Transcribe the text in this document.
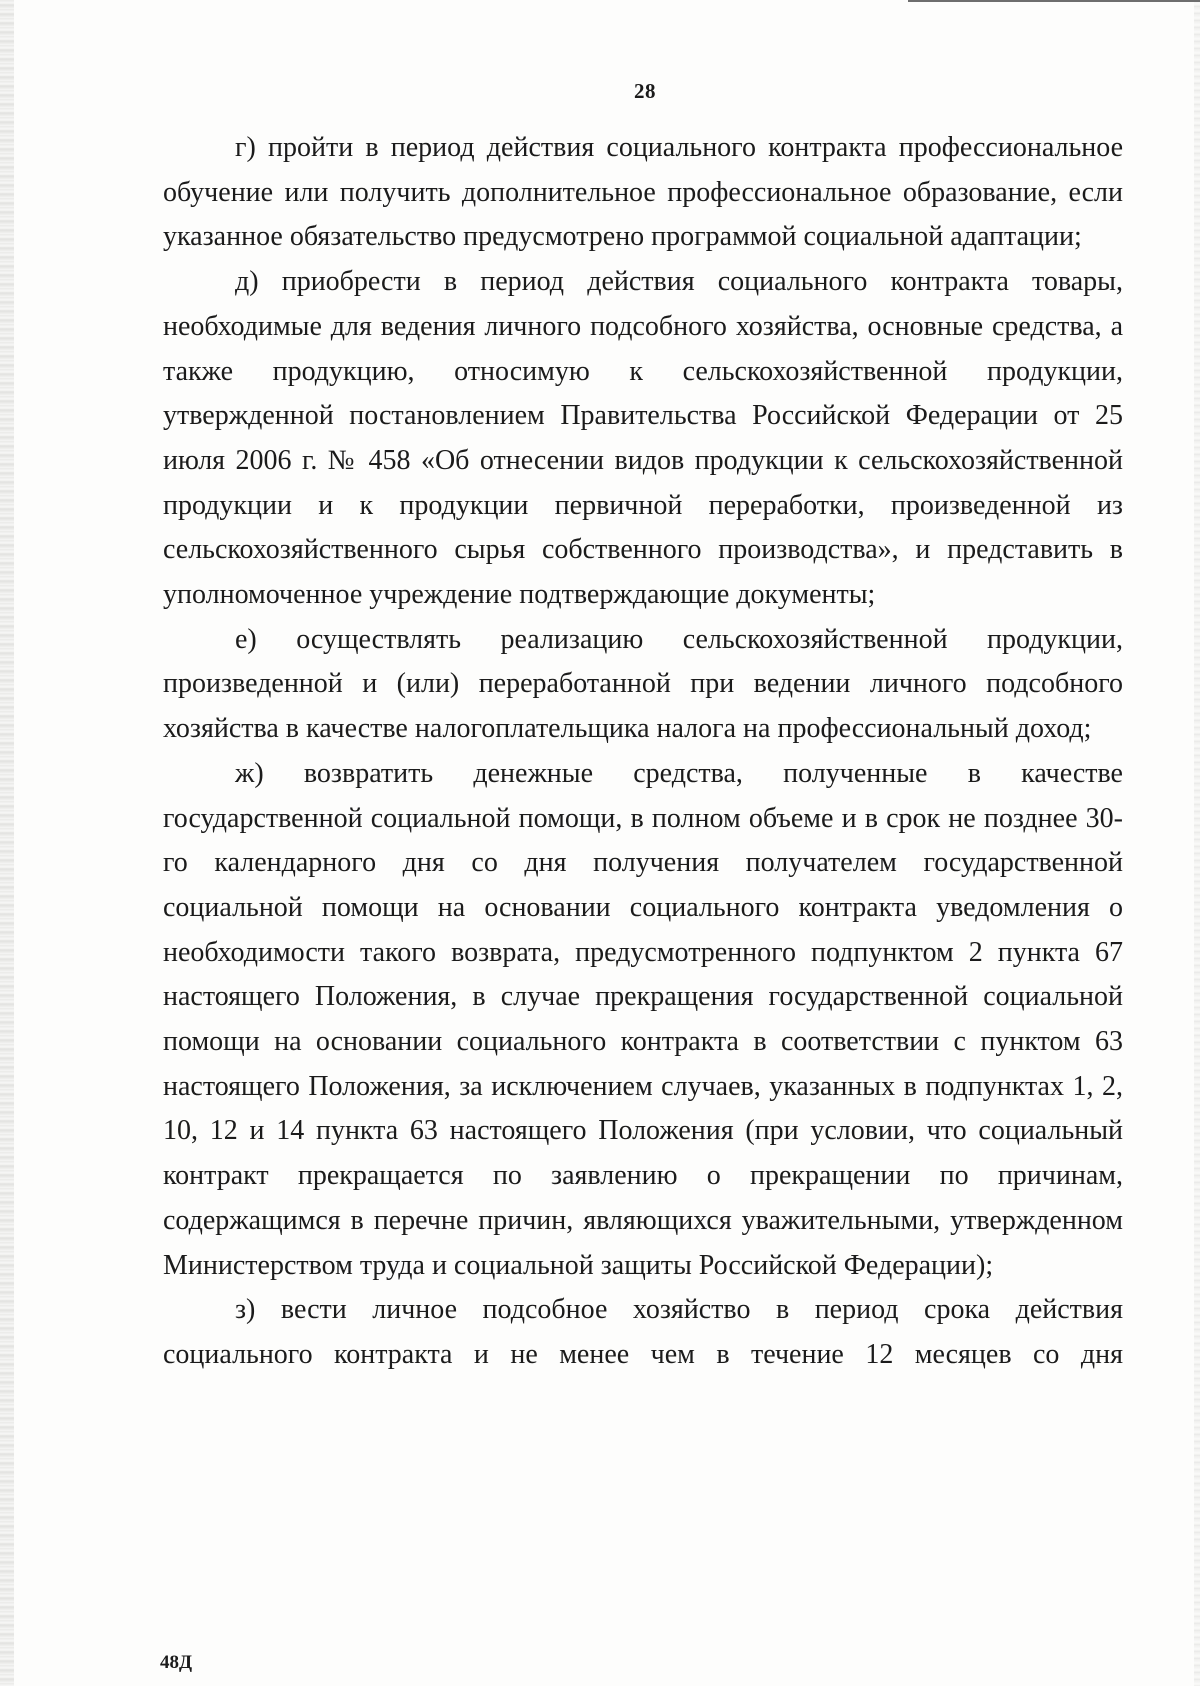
28

г) пройти в период действия социального контракта профессиональное обучение или получить дополнительное профессиональное образование, если указанное обязательство предусмотрено программой социальной адаптации;

д) приобрести в период действия социального контракта товары, необходимые для ведения личного подсобного хозяйства, основные средства, а также продукцию, относимую к сельскохозяйственной продукции, утвержденной постановлением Правительства Российской Федерации от 25 июля 2006 г. № 458 «Об отнесении видов продукции к сельскохозяйственной продукции и к продукции первичной переработки, произведенной из сельскохозяйственного сырья собственного производства», и представить в уполномоченное учреждение подтверждающие документы;

е) осуществлять реализацию сельскохозяйственной продукции, произведенной и (или) переработанной при ведении личного подсобного хозяйства в качестве налогоплательщика налога на профессиональный доход;

ж) возвратить денежные средства, полученные в качестве государственной социальной помощи, в полном объеме и в срок не позднее 30-го календарного дня со дня получения получателем государственной социальной помощи на основании социального контракта уведомления о необходимости такого возврата, предусмотренного подпунктом 2 пункта 67 настоящего Положения, в случае прекращения государственной социальной помощи на основании социального контракта в соответствии с пунктом 63 настоящего Положения, за исключением случаев, указанных в подпунктах 1, 2, 10, 12 и 14 пункта 63 настоящего Положения (при условии, что социальный контракт прекращается по заявлению о прекращении по причинам, содержащимся в перечне причин, являющихся уважительными, утвержденном Министерством труда и социальной защиты Российской Федерации);

з) вести личное подсобное хозяйство в период срока действия социального контракта и не менее чем в течение 12 месяцев со дня

48Д
